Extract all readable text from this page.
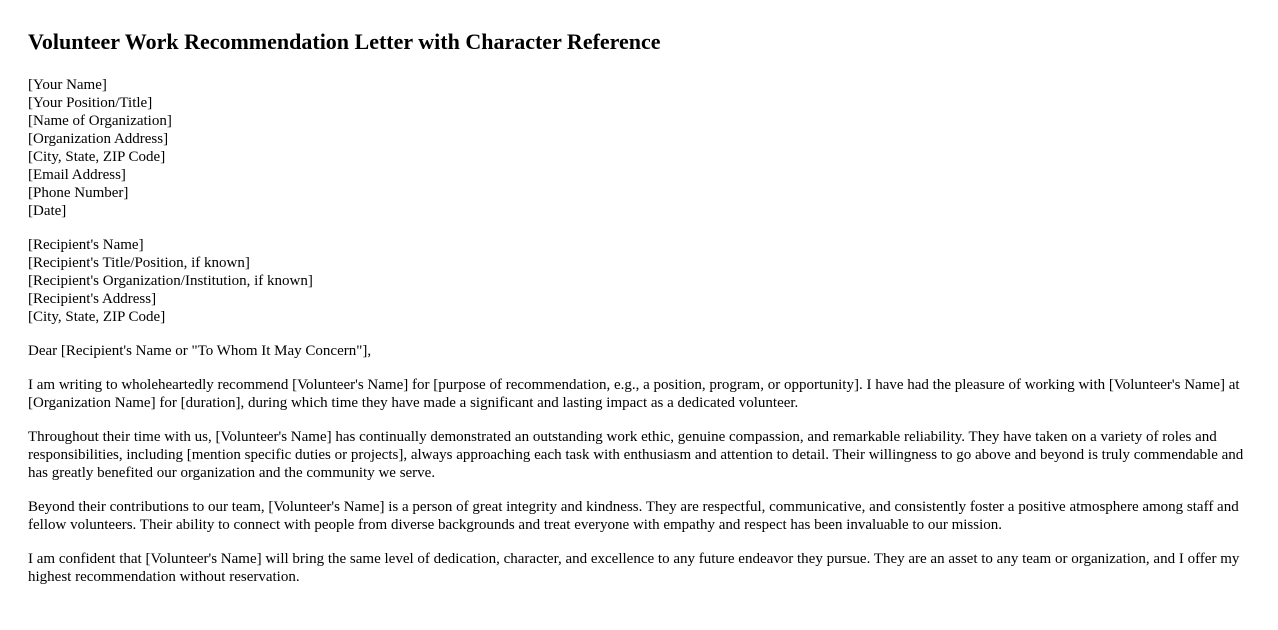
Volunteer Work Recommendation Letter with Character Reference
[Your Name]
[Your Position/Title]
[Name of Organization]
[Organization Address]
[City, State, ZIP Code]
[Email Address]
[Phone Number]
[Date]
[Recipient's Name]
[Recipient's Title/Position, if known]
[Recipient's Organization/Institution, if known]
[Recipient's Address]
[City, State, ZIP Code]

Dear [Recipient's Name or "To Whom It May Concern"],

I am writing to wholeheartedly recommend [Volunteer's Name] for [purpose of recommendation, e.g., a position, program, or opportunity]. I have had the pleasure of working with [Volunteer's Name] at [Organization Name] for [duration], during which time they have made a significant and lasting impact as a dedicated volunteer.

Throughout their time with us, [Volunteer's Name] has continually demonstrated an outstanding work ethic, genuine compassion, and remarkable reliability. They have taken on a variety of roles and responsibilities, including [mention specific duties or projects], always approaching each task with enthusiasm and attention to detail. Their willingness to go above and beyond is truly commendable and has greatly benefited our organization and the community we serve.

Beyond their contributions to our team, [Volunteer's Name] is a person of great integrity and kindness. They are respectful, communicative, and consistently foster a positive atmosphere among staff and fellow volunteers. Their ability to connect with people from diverse backgrounds and treat everyone with empathy and respect has been invaluable to our mission.

I am confident that [Volunteer's Name] will bring the same level of dedication, character, and excellence to any future endeavor they pursue. They are an asset to any team or organization, and I offer my highest recommendation without reservation.
